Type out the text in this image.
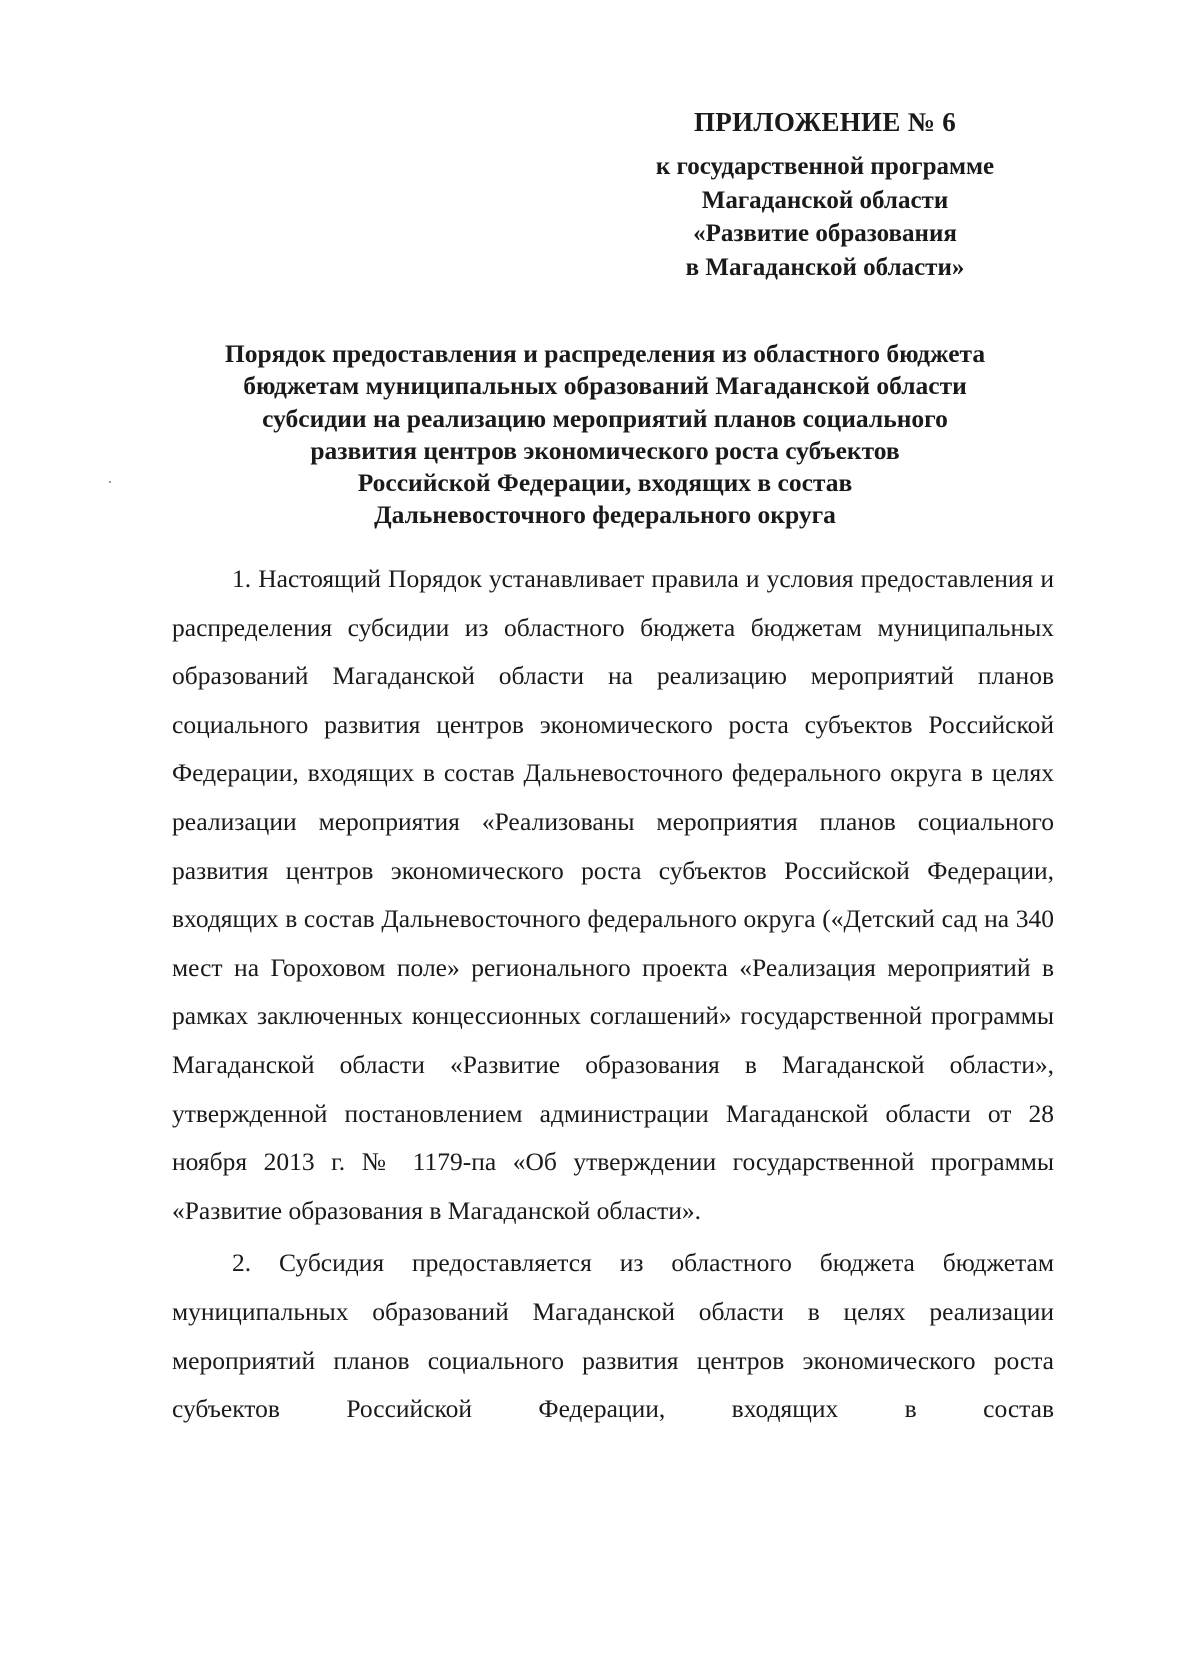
ПРИЛОЖЕНИЕ № 6
к государственной программе
Магаданской области
«Развитие образования
в Магаданской области»
Порядок предоставления и распределения из областного бюджета
бюджетам муниципальных образований Магаданской области
субсидии на реализацию мероприятий планов социального
развития центров экономического роста субъектов
Российской Федерации, входящих в состав
Дальневосточного федерального округа

1. Настоящий Порядок устанавливает правила и условия предоставления и распределения субсидии из областного бюджета бюджетам муниципальных образований Магаданской области на реализацию мероприятий планов социального развития центров экономического роста субъектов Российской Федерации, входящих в состав Дальневосточного федерального округа в целях реализации мероприятия «Реализованы мероприятия планов социального развития центров экономического роста субъектов Российской Федерации, входящих в состав Дальневосточного федерального округа («Детский сад на 340 мест на Гороховом поле» регионального проекта «Реализация мероприятий в рамках заключенных концессионных соглашений» государственной программы Магаданской области «Развитие образования в Магаданской области», утвержденной постановлением администрации Магаданской области от 28 ноября 2013 г. № 1179-па «Об утверждении государственной программы «Развитие образования в Магаданской области».

2. Субсидия предоставляется из областного бюджета бюджетам муниципальных образований Магаданской области в целях реализации мероприятий планов социального развития центров экономического роста субъектов Российской Федерации, входящих в состав
